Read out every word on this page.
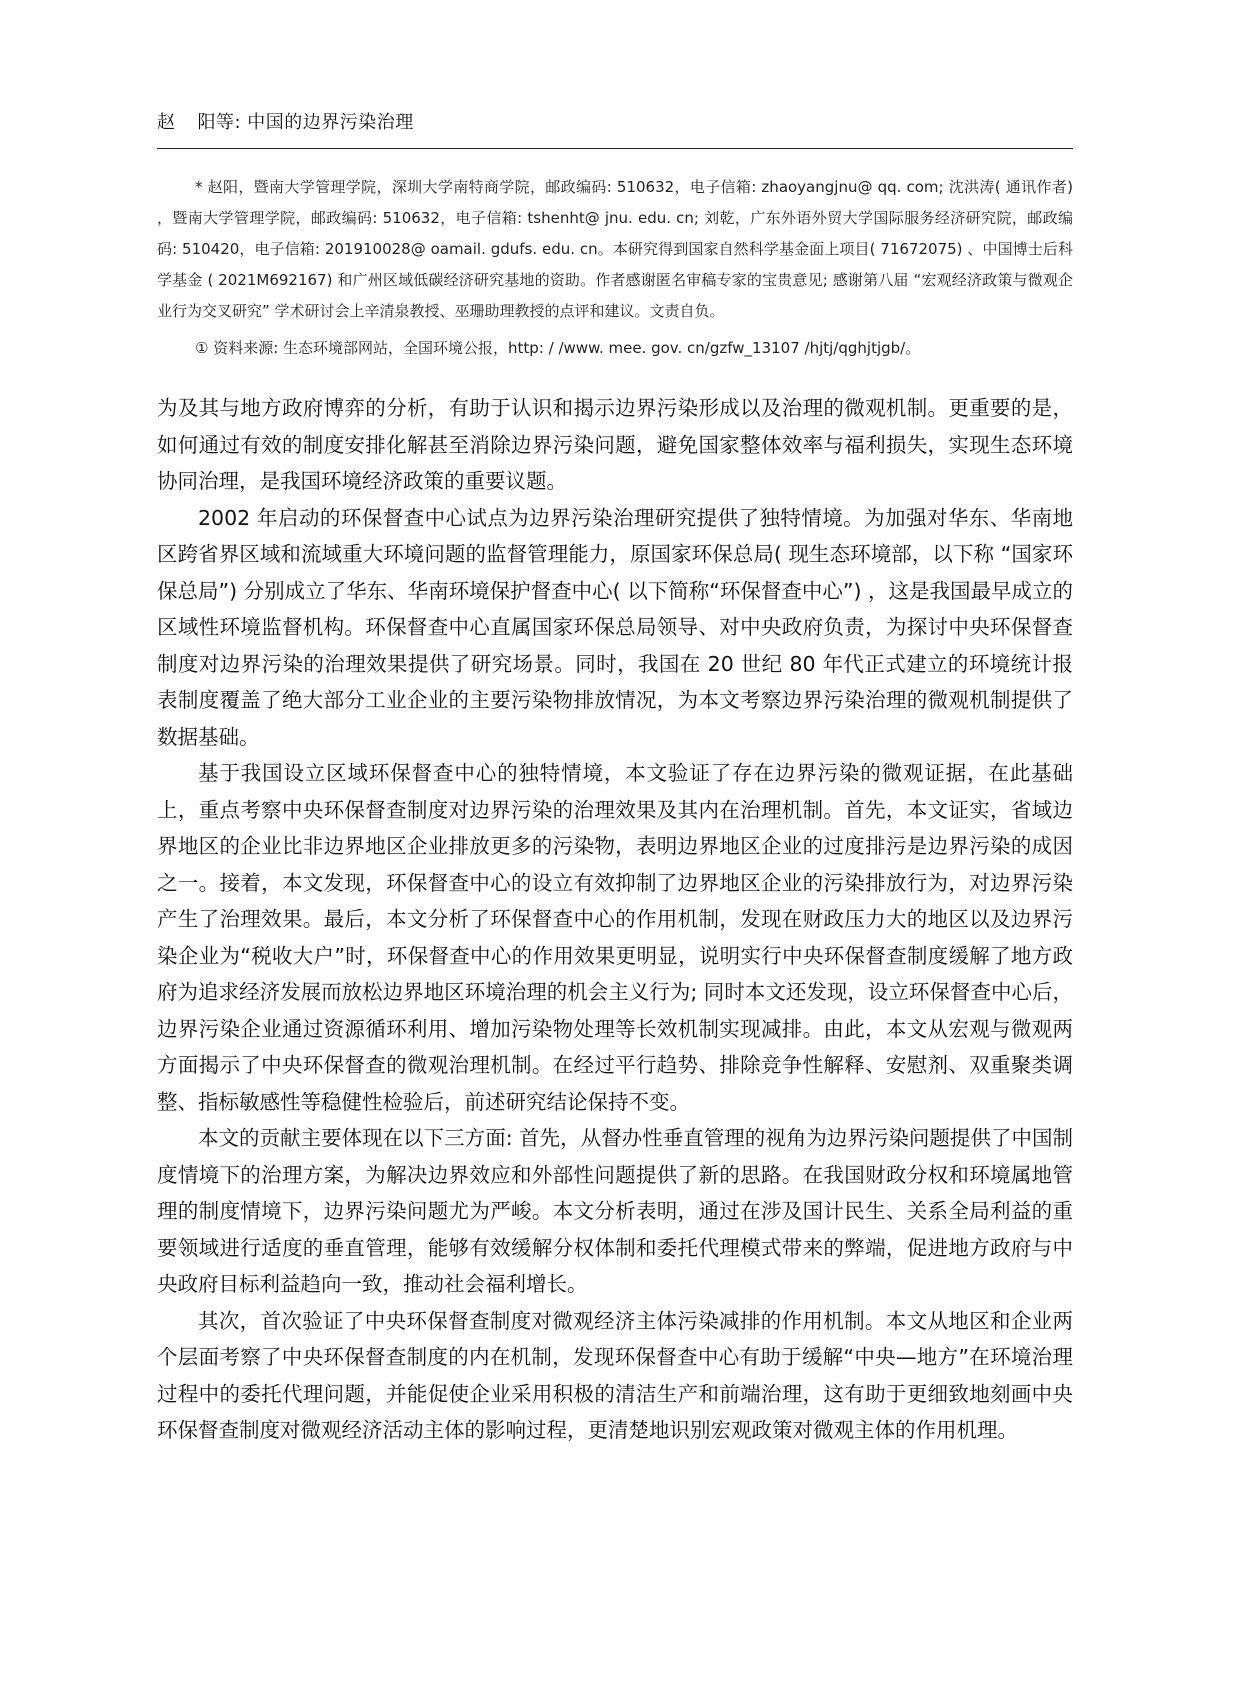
赵 阳等: 中国的边界污染治理

* 赵阳，暨南大学管理学院，深圳大学南特商学院，邮政编码: 510632，电子信箱: zhaoyangjnu@ qq. com; 沈洪涛( 通讯作者) ，暨南大学管理学院，邮政编码: 510632，电子信箱: tshenht@ jnu. edu. cn; 刘乾，广东外语外贸大学国际服务经济研究院，邮政编码: 510420，电子信箱: 201910028@ oamail. gdufs. edu. cn。本研究得到国家自然科学基金面上项目( 71672075) 、中国博士后科学基金 ( 2021M692167) 和广州区域低碳经济研究基地的资助。作者感谢匿名审稿专家的宝贵意见; 感谢第八届 “宏观经济政策与微观企业行为交叉研究” 学术研讨会上辛清泉教授、巫珊助理教授的点评和建议。文责自负。

① 资料来源: 生态环境部网站，全国环境公报，http: / /www. mee. gov. cn/gzfw_13107 /hjtj/qghjtjgb/。

为及其与地方政府博弈的分析，有助于认识和揭示边界污染形成以及治理的微观机制。更重要的是，如何通过有效的制度安排化解甚至消除边界污染问题，避免国家整体效率与福利损失，实现生态环境协同治理，是我国环境经济政策的重要议题。

2002 年启动的环保督查中心试点为边界污染治理研究提供了独特情境。为加强对华东、华南地区跨省界区域和流域重大环境问题的监督管理能力，原国家环保总局( 现生态环境部，以下称 “国家环保总局”) 分别成立了华东、华南环境保护督查中心( 以下简称“环保督查中心”) ，这是我国最早成立的区域性环境监督机构。环保督查中心直属国家环保总局领导、对中央政府负责，为探讨中央环保督查制度对边界污染的治理效果提供了研究场景。同时，我国在 20 世纪 80 年代正式建立的环境统计报表制度覆盖了绝大部分工业企业的主要污染物排放情况，为本文考察边界污染治理的微观机制提供了数据基础。

基于我国设立区域环保督查中心的独特情境，本文验证了存在边界污染的微观证据，在此基础上，重点考察中央环保督查制度对边界污染的治理效果及其内在治理机制。首先，本文证实，省域边界地区的企业比非边界地区企业排放更多的污染物，表明边界地区企业的过度排污是边界污染的成因之一。接着，本文发现，环保督查中心的设立有效抑制了边界地区企业的污染排放行为，对边界污染产生了治理效果。最后，本文分析了环保督查中心的作用机制，发现在财政压力大的地区以及边界污染企业为“税收大户”时，环保督查中心的作用效果更明显，说明实行中央环保督查制度缓解了地方政府为追求经济发展而放松边界地区环境治理的机会主义行为; 同时本文还发现，设立环保督查中心后，边界污染企业通过资源循环利用、增加污染物处理等长效机制实现减排。由此，本文从宏观与微观两方面揭示了中央环保督查的微观治理机制。在经过平行趋势、排除竞争性解释、安慰剂、双重聚类调整、指标敏感性等稳健性检验后，前述研究结论保持不变。

本文的贡献主要体现在以下三方面: 首先，从督办性垂直管理的视角为边界污染问题提供了中国制度情境下的治理方案，为解决边界效应和外部性问题提供了新的思路。在我国财政分权和环境属地管理的制度情境下，边界污染问题尤为严峻。本文分析表明，通过在涉及国计民生、关系全局利益的重要领域进行适度的垂直管理，能够有效缓解分权体制和委托代理模式带来的弊端，促进地方政府与中央政府目标利益趋向一致，推动社会福利增长。

其次，首次验证了中央环保督查制度对微观经济主体污染减排的作用机制。本文从地区和企业两个层面考察了中央环保督查制度的内在机制，发现环保督查中心有助于缓解“中央—地方”在环境治理过程中的委托代理问题，并能促使企业采用积极的清洁生产和前端治理，这有助于更细致地刻画中央环保督查制度对微观经济活动主体的影响过程，更清楚地识别宏观政策对微观主体的作用机理。
